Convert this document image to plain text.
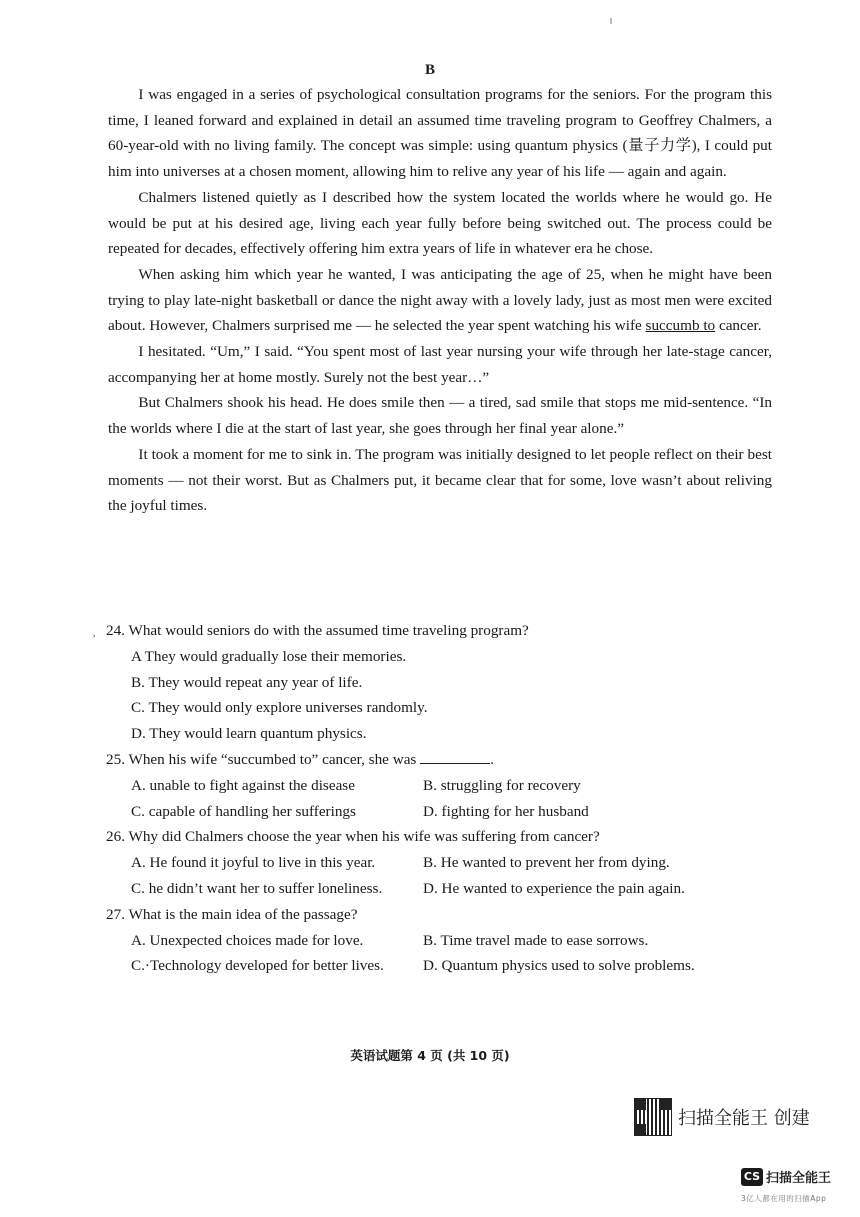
B

I was engaged in a series of psychological consultation programs for the seniors. For the program this time, I leaned forward and explained in detail an assumed time traveling program to Geoffrey Chalmers, a 60-year-old with no living family. The concept was simple: using quantum physics (量子力学), I could put him into universes at a chosen moment, allowing him to relive any year of his life — again and again.

Chalmers listened quietly as I described how the system located the worlds where he would go. He would be put at his desired age, living each year fully before being switched out. The process could be repeated for decades, effectively offering him extra years of life in whatever era he chose.

When asking him which year he wanted, I was anticipating the age of 25, when he might have been trying to play late-night basketball or dance the night away with a lovely lady, just as most men were excited about. However, Chalmers surprised me — he selected the year spent watching his wife succumb to cancer.

I hesitated. “Um,” I said. “You spent most of last year nursing your wife through her late-stage cancer, accompanying her at home mostly. Surely not the best year…”

But Chalmers shook his head. He does smile then — a tired, sad smile that stops me mid-sentence. “In the worlds where I die at the start of last year, she goes through her final year alone.”

It took a moment for me to sink in. The program was initially designed to let people reflect on their best moments — not their worst. But as Chalmers put, it became clear that for some, love wasn’t about reliving the joyful times.

, 24. What would seniors do with the assumed time traveling program?

A They would gradually lose their memories.

B. They would repeat any year of life.

C. They would only explore universes randomly.

D. They would learn quantum physics.

25. When his wife “succumbed to” cancer, she was	.

A. unable to fight against the disease	B. struggling for recovery
C. capable of handling her sufferings	D. fighting for her husband

26. Why did Chalmers choose the year when his wife was suffering from cancer?

A. He found it joyful to live in this year.	B. He wanted to prevent her from dying.
C. he didn’t want her to suffer loneliness.	D. He wanted to experience the pain again.

27. What is the main idea of the passage?

A. Unexpected choices made for love.	B. Time travel made to ease sorrows.
C.·Technology developed for better lives.	D. Quantum physics used to solve problems.
英语试题第 4 页 (共 10 页)
扫描全能王 创建
CS 扫描全能王
3亿人都在用的扫描App
